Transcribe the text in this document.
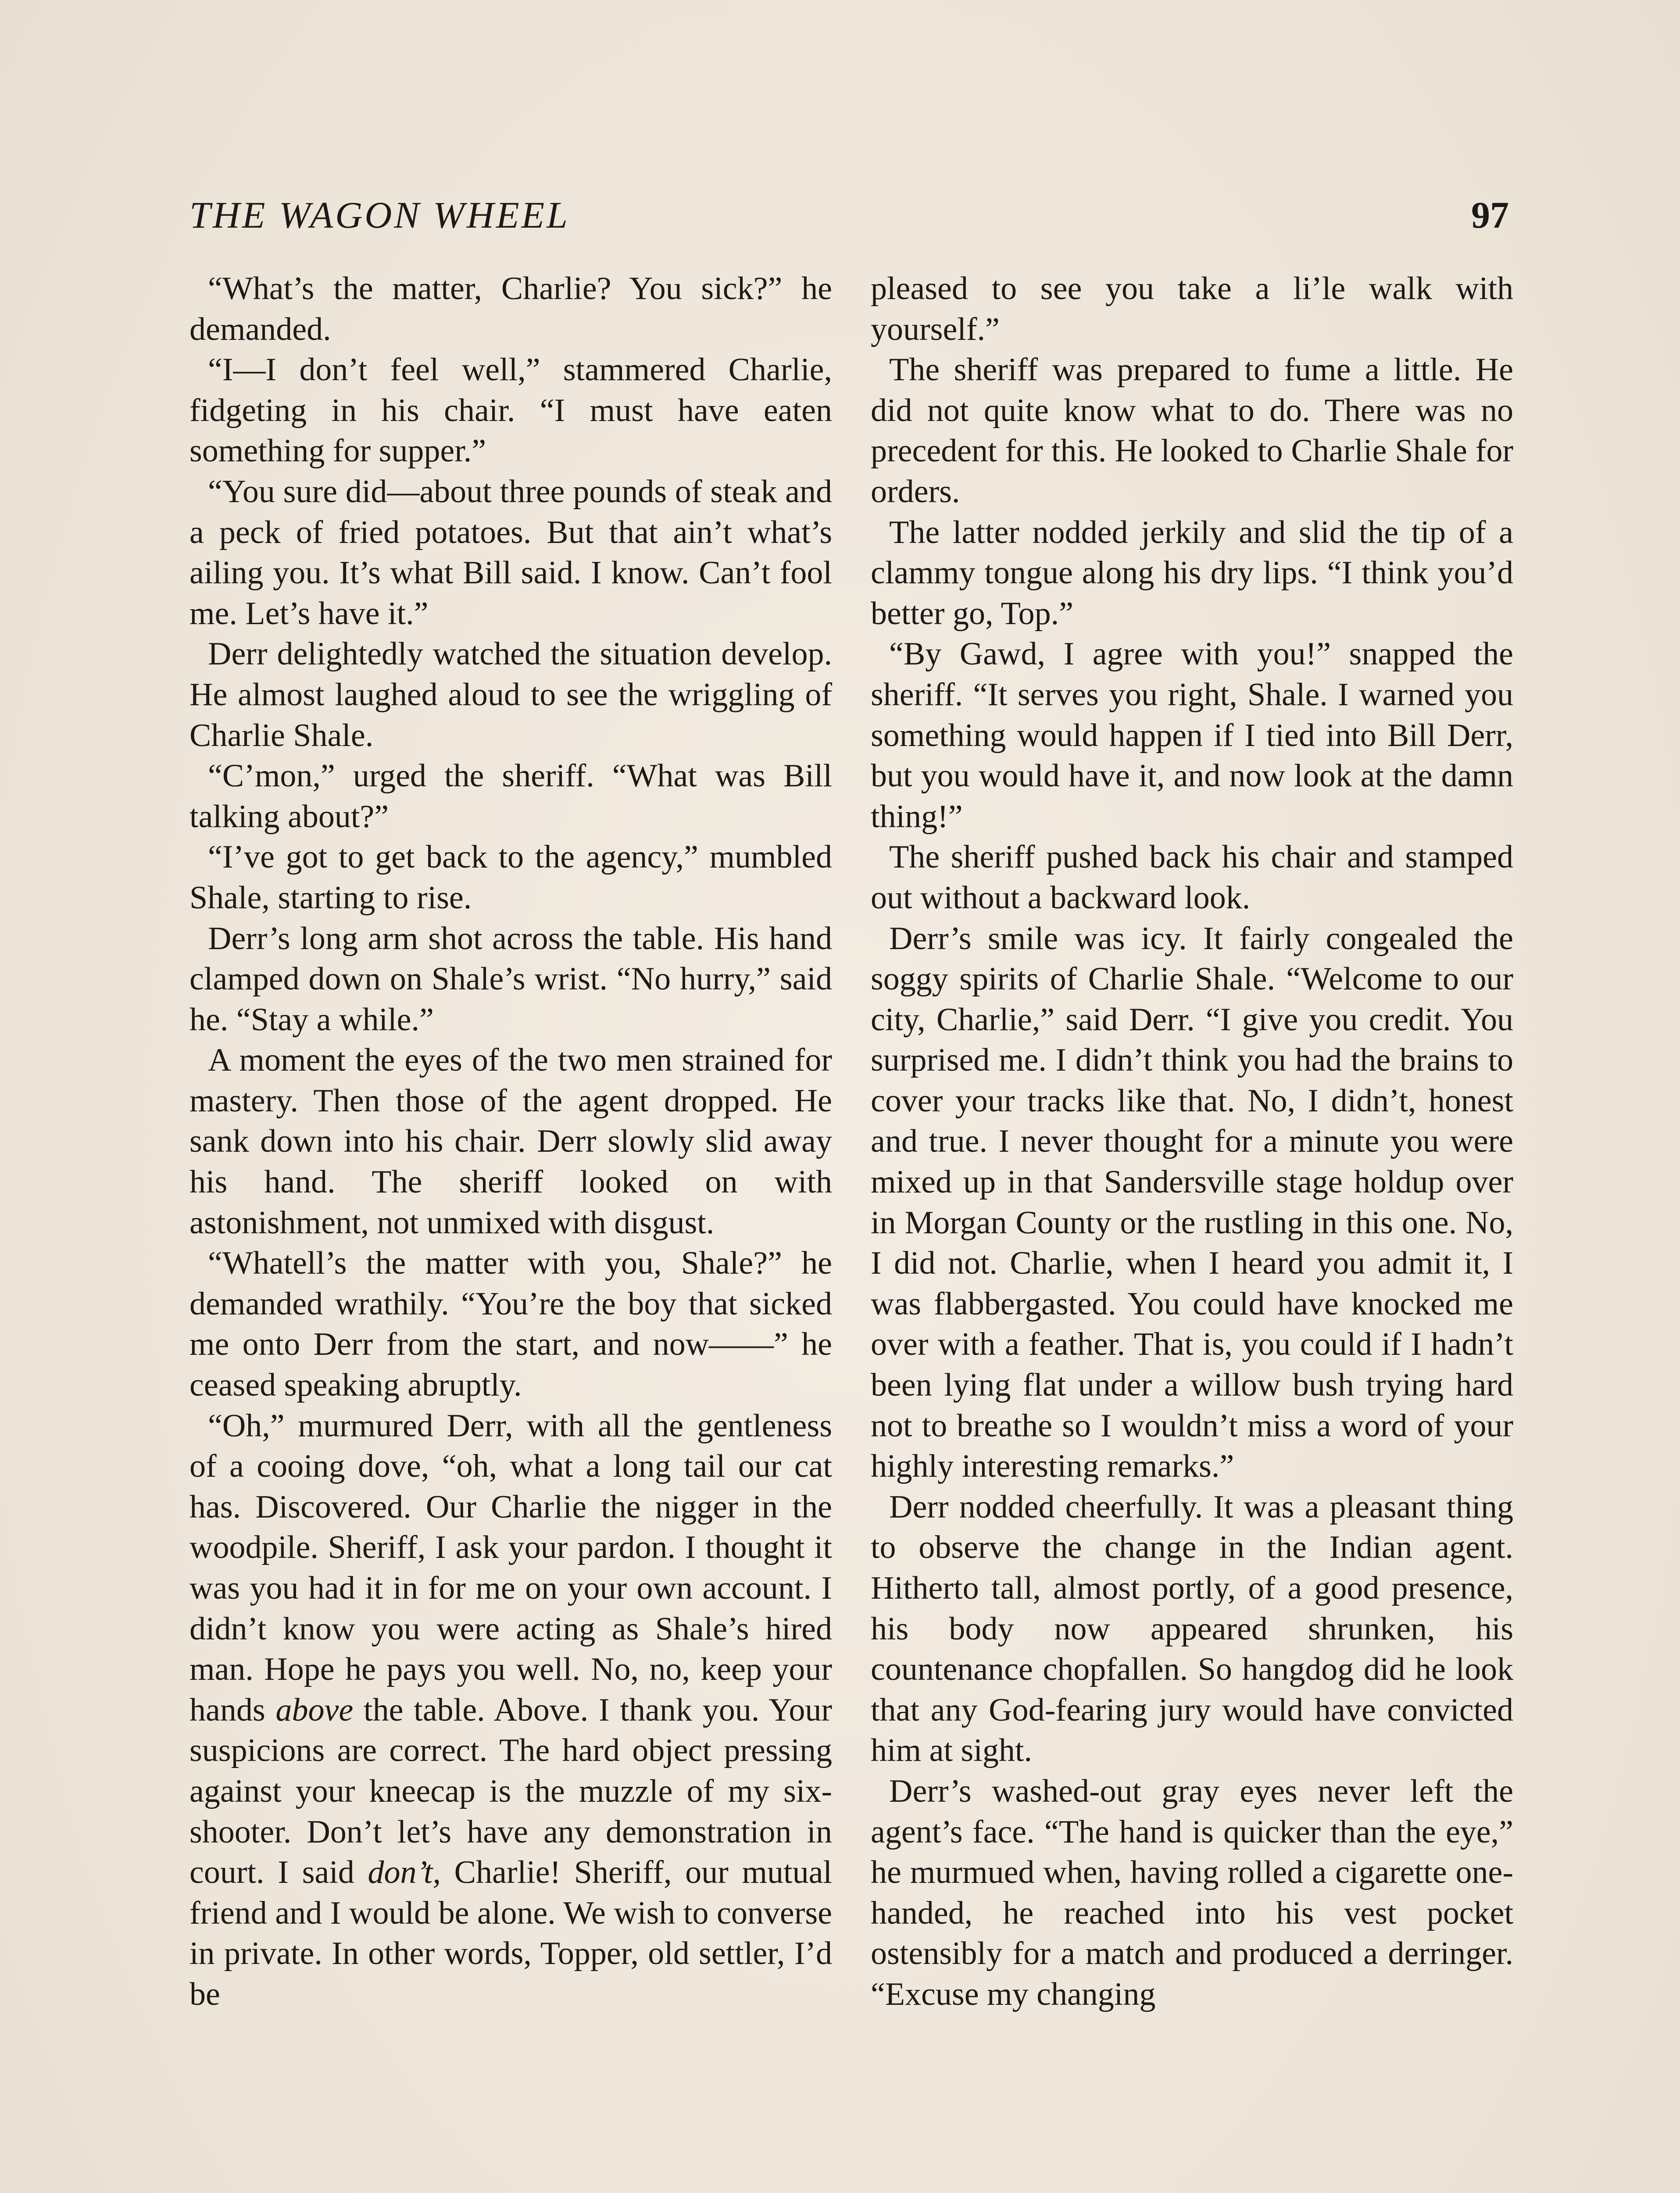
THE WAGON WHEEL	97

“What’s the matter, Charlie? You sick?” he demanded.

“I—I don’t feel well,” stammered Charlie, fidgeting in his chair. “I must have eaten something for supper.”

“You sure did—about three pounds of steak and a peck of fried potatoes. But that ain’t what’s ailing you. It’s what Bill said. I know. Can’t fool me. Let’s have it.”

Derr delightedly watched the situation develop. He almost laughed aloud to see the wriggling of Charlie Shale.

“C’mon,” urged the sheriff. “What was Bill talking about?”

“I’ve got to get back to the agency,” mumbled Shale, starting to rise.

Derr’s long arm shot across the table. His hand clamped down on Shale’s wrist. “No hurry,” said he. “Stay a while.”

A moment the eyes of the two men strained for mastery. Then those of the agent dropped. He sank down into his chair. Derr slowly slid away his hand. The sheriff looked on with astonishment, not unmixed with disgust.

“Whatell’s the matter with you, Shale?” he demanded wrathily. “You’re the boy that sicked me onto Derr from the start, and now——” he ceased speaking abruptly.

“Oh,” murmured Derr, with all the gentleness of a cooing dove, “oh, what a long tail our cat has. Discovered. Our Charlie the nigger in the woodpile. Sheriff, I ask your pardon. I thought it was you had it in for me on your own account. I didn’t know you were acting as Shale’s hired man. Hope he pays you well. No, no, keep your hands above the table. Above. I thank you. Your suspicions are correct. The hard object pressing against your kneecap is the muzzle of my six-shooter. Don’t let’s have any demonstration in court. I said don’t, Charlie! Sheriff, our mutual friend and I would be alone. We wish to converse in private. In other words, Topper, old settler, I’d be

pleased to see you take a li’le walk with yourself.”

The sheriff was prepared to fume a little. He did not quite know what to do. There was no precedent for this. He looked to Charlie Shale for orders.

The latter nodded jerkily and slid the tip of a clammy tongue along his dry lips. “I think you’d better go, Top.”

“By Gawd, I agree with you!” snapped the sheriff. “It serves you right, Shale. I warned you something would happen if I tied into Bill Derr, but you would have it, and now look at the damn thing!”

The sheriff pushed back his chair and stamped out without a backward look.

Derr’s smile was icy. It fairly congealed the soggy spirits of Charlie Shale. “Welcome to our city, Charlie,” said Derr. “I give you credit. You surprised me. I didn’t think you had the brains to cover your tracks like that. No, I didn’t, honest and true. I never thought for a minute you were mixed up in that Sandersville stage holdup over in Morgan County or the rustling in this one. No, I did not. Charlie, when I heard you admit it, I was flabbergasted. You could have knocked me over with a feather. That is, you could if I hadn’t been lying flat under a willow bush trying hard not to breathe so I wouldn’t miss a word of your highly interesting remarks.”

Derr nodded cheerfully. It was a pleasant thing to observe the change in the Indian agent. Hitherto tall, almost portly, of a good presence, his body now appeared shrunken, his countenance chopfallen. So hangdog did he look that any God-fearing jury would have convicted him at sight.

Derr’s washed-out gray eyes never left the agent’s face. “The hand is quicker than the eye,” he murmued when, having rolled a cigarette one-handed, he reached into his vest pocket ostensibly for a match and produced a derringer. “Excuse my changing
